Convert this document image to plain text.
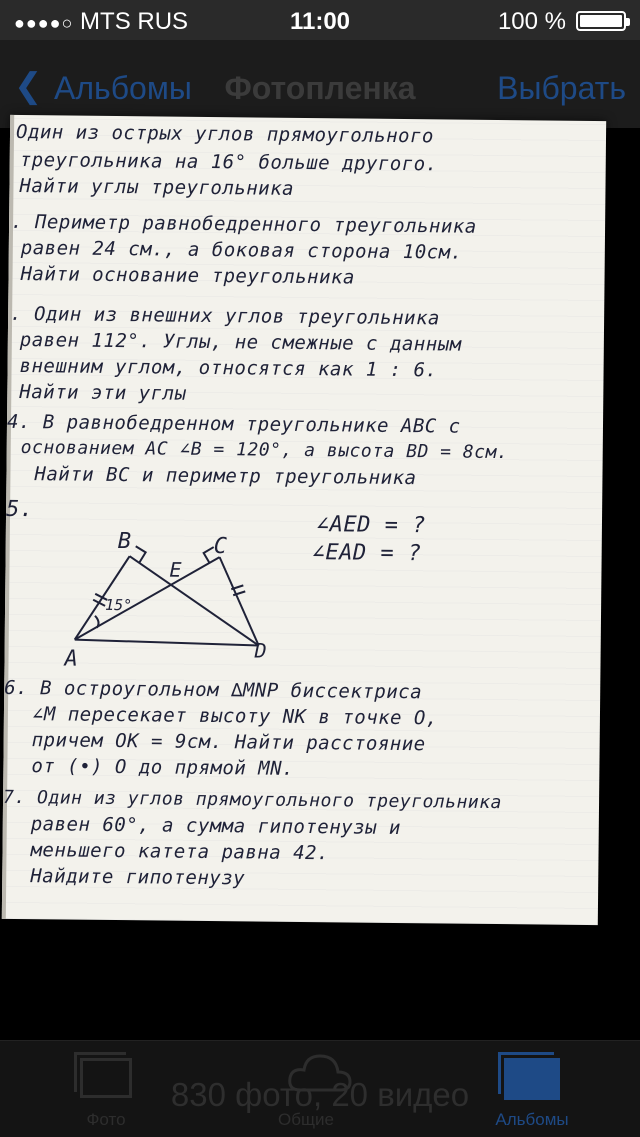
●●●●○ MTS RUS	11:00	100 %
❮ Альбомы	Фотопленка	Выбрать

Один из острых углов прямоугольного

треугольника на 16° больше другого.

Найти углы треугольника

. Периметр равнобедренного треугольника

равен 24 см., а боковая сторона 10см.

Найти основание треугольника

. Один из внешних углов треугольника

равен 112°. Углы, не смежные с данным

внешним углом, относятся как 1 : 6.

Найти эти углы

4. В равнобедренном треугольнике ABC с

основанием AC ∠B = 120°, а высота BD = 8см.

Найти BC и периметр треугольника

5.

∠AED = ?

∠EAD = ?

B
E
C
A	D
15°

6. В остроугольном ∆MNP биссектриса

∠M пересекает высоту NK в точке O,

причем OK = 9см. Найти расстояние

от (•) O до прямой MN.

7. Один из углов прямоугольного треугольника

равен 60°, а сумма гипотенузы и

меньшего катета равна 42.

Найдите гипотенузу

830 фото, 20 видео
Фото	Общие	Альбомы
